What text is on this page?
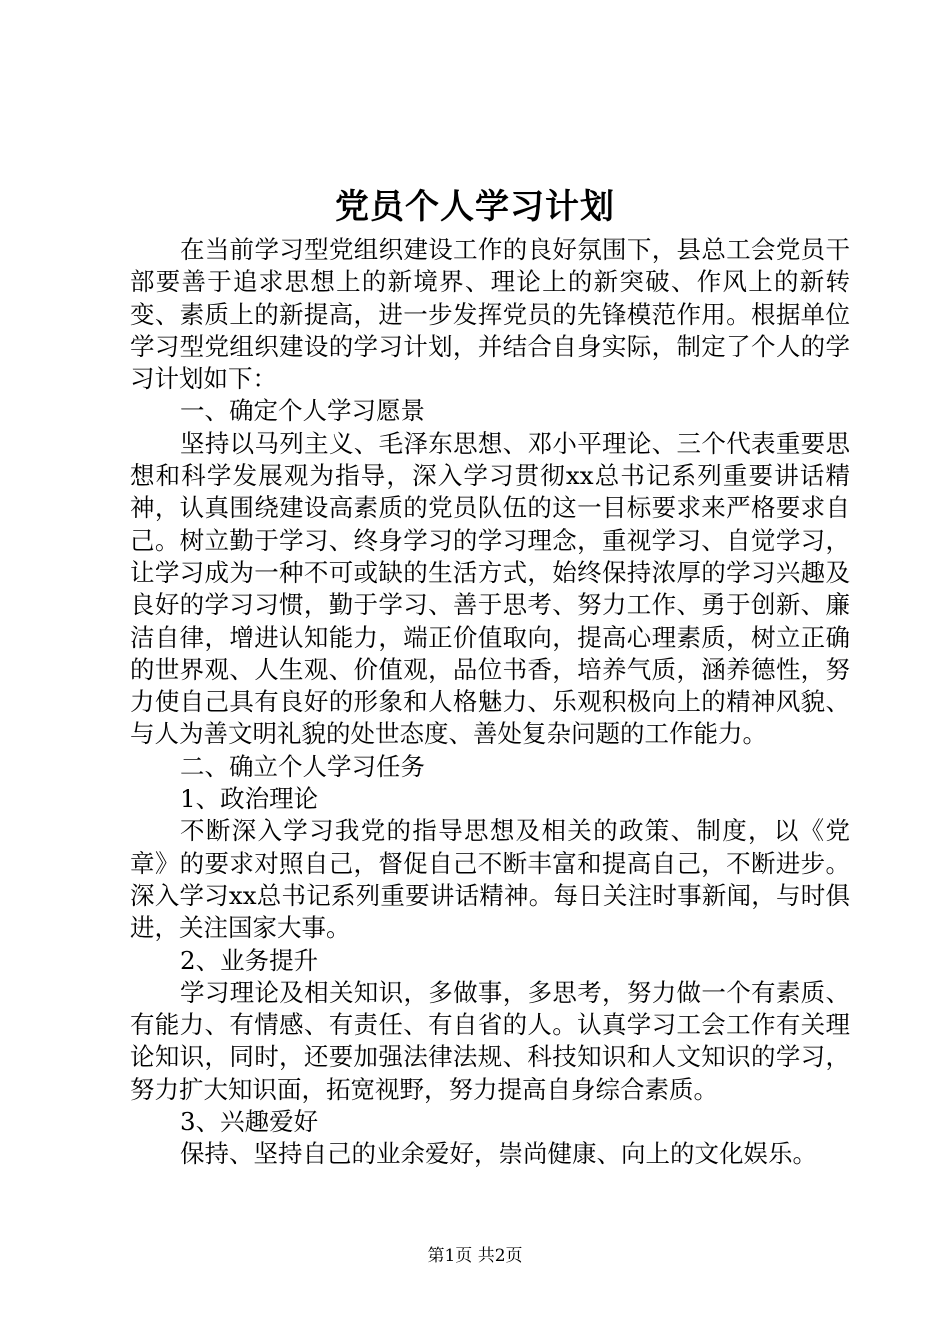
党员个人学习计划

在当前学习型党组织建设工作的良好氛围下，县总工会党员干部要善于追求思想上的新境界、理论上的新突破、作风上的新转变、素质上的新提高，进一步发挥党员的先锋模范作用。根据单位学习型党组织建设的学习计划，并结合自身实际，制定了个人的学习计划如下：

一、确定个人学习愿景

坚持以马列主义、毛泽东思想、邓小平理论、三个代表重要思想和科学发展观为指导，深入学习贯彻xx总书记系列重要讲话精神，认真围绕建设高素质的党员队伍的这一目标要求来严格要求自己。树立勤于学习、终身学习的学习理念，重视学习、自觉学习，让学习成为一种不可或缺的生活方式，始终保持浓厚的学习兴趣及良好的学习习惯，勤于学习、善于思考、努力工作、勇于创新、廉洁自律，增进认知能力，端正价值取向，提高心理素质，树立正确的世界观、人生观、价值观，品位书香，培养气质，涵养德性，努力使自己具有良好的形象和人格魅力、乐观积极向上的精神风貌、与人为善文明礼貌的处世态度、善处复杂问题的工作能力。

二、确立个人学习任务

1、政治理论

不断深入学习我党的指导思想及相关的政策、制度，以《党章》的要求对照自己，督促自己不断丰富和提高自己，不断进步。深入学习xx总书记系列重要讲话精神。每日关注时事新闻，与时俱进，关注国家大事。

2、业务提升

学习理论及相关知识，多做事，多思考，努力做一个有素质、有能力、有情感、有责任、有自省的人。认真学习工会工作有关理论知识，同时，还要加强法律法规、科技知识和人文知识的学习，努力扩大知识面，拓宽视野，努力提高自身综合素质。

3、兴趣爱好

保持、坚持自己的业余爱好，崇尚健康、向上的文化娱乐。

第1页 共2页
